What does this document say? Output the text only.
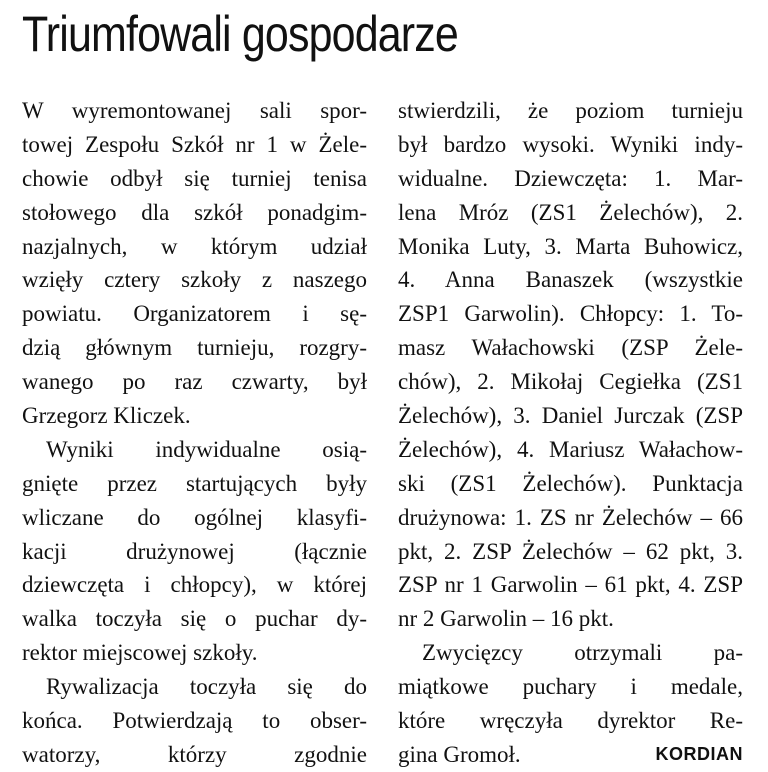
Triumfowali gospodarze
W wyremontowanej sali spor-
towej Zespołu Szkół nr 1 w Żele-
chowie odbył się turniej tenisa
stołowego dla szkół ponadgim-
nazjalnych, w którym udział
wzięły cztery szkoły z naszego
powiatu. Organizatorem i sę-
dzią głównym turnieju, rozgry-
wanego po raz czwarty, był
Grzegorz Kliczek.
Wyniki indywidualne osią-
gnięte przez startujących były
wliczane do ogólnej klasyfi-
kacji drużynowej (łącznie
dziewczęta i chłopcy), w której
walka toczyła się o puchar dy-
rektor miejscowej szkoły.
Rywalizacja toczyła się do
końca. Potwierdzają to obser-
watorzy, którzy zgodnie
stwierdzili, że poziom turnieju
był bardzo wysoki. Wyniki indy-
widualne. Dziewczęta: 1. Mar-
lena Mróz (ZS1 Żelechów), 2.
Monika Luty, 3. Marta Buhowicz,
4. Anna Banaszek (wszystkie
ZSP1 Garwolin). Chłopcy: 1. To-
masz Wałachowski (ZSP Żele-
chów), 2. Mikołaj Cegiełka (ZS1
Żelechów), 3. Daniel Jurczak (ZSP
Żelechów), 4. Mariusz Wałachow-
ski (ZS1 Żelechów). Punktacja
drużynowa: 1. ZS nr Żelechów – 66
pkt, 2. ZSP Żelechów – 62 pkt, 3.
ZSP nr 1 Garwolin – 61 pkt, 4. ZSP
nr 2 Garwolin – 16 pkt.
Zwycięzcy otrzymali pa-
miątkowe puchary i medale,
które wręczyła dyrektor Re-
gina Gromoł.	KORDIAN
